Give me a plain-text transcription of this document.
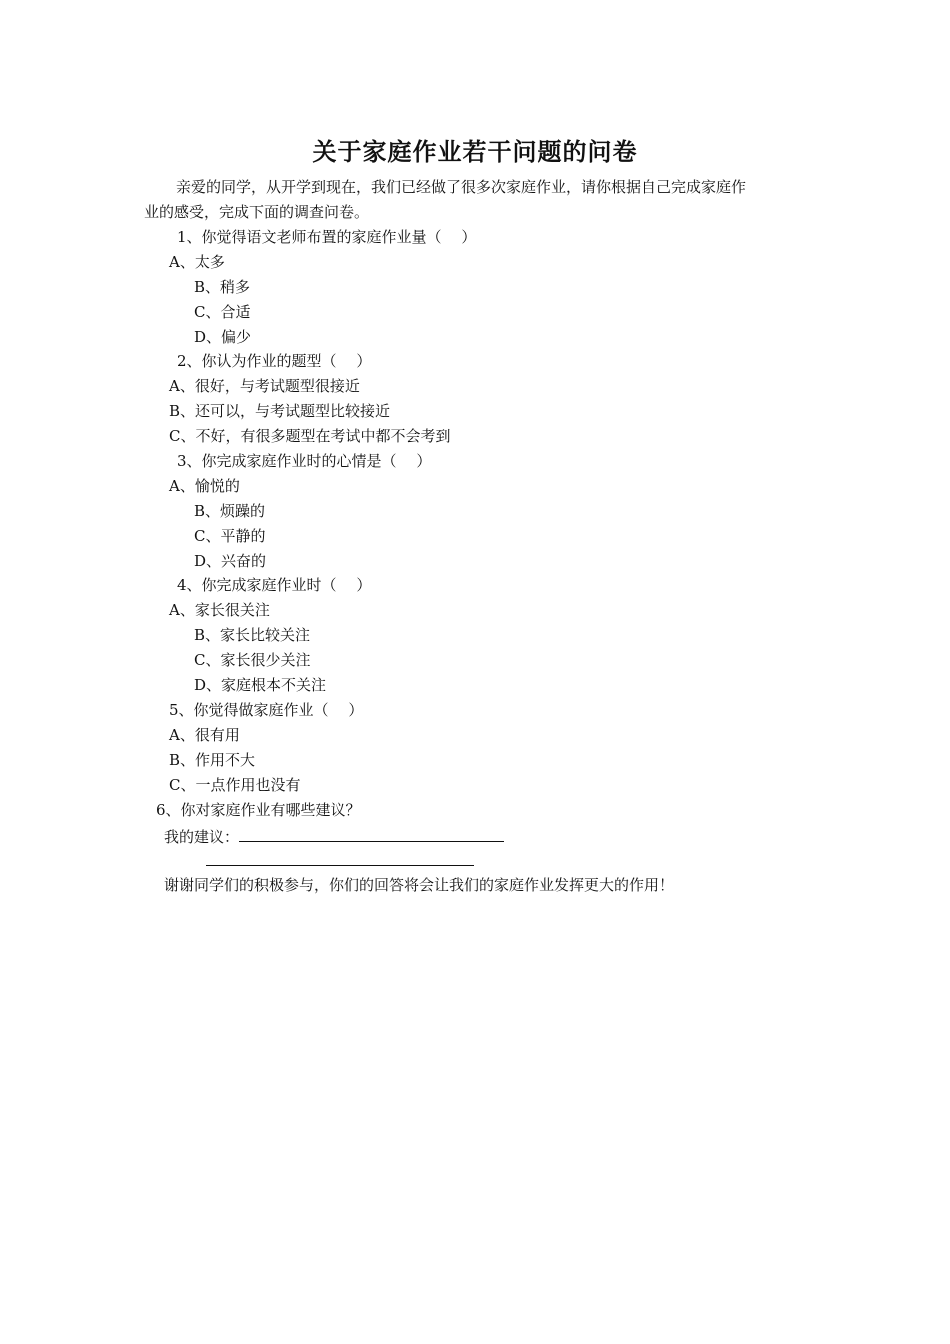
关于家庭作业若干问题的问卷
亲爱的同学，从开学到现在，我们已经做了很多次家庭作业，请你根据自己完成家庭作
业的感受，完成下面的调查问卷。
1、你觉得语文老师布置的家庭作业量（　 ）
A、太多
B、稍多
C、合适
D、偏少
2、你认为作业的题型（　 ）
A、很好，与考试题型很接近
B、还可以，与考试题型比较接近
C、不好，有很多题型在考试中都不会考到
3、你完成家庭作业时的心情是（　 ）
A、愉悦的
B、烦躁的
C、平静的
D、兴奋的
4、你完成家庭作业时（　 ）
A、家长很关注
B、家长比较关注
C、家长很少关注
D、家庭根本不关注
5、你觉得做家庭作业（　 ）
A、很有用
B、作用不大
C、一点作用也没有
6、你对家庭作业有哪些建议？
我的建议：
谢谢同学们的积极参与，你们的回答将会让我们的家庭作业发挥更大的作用！
